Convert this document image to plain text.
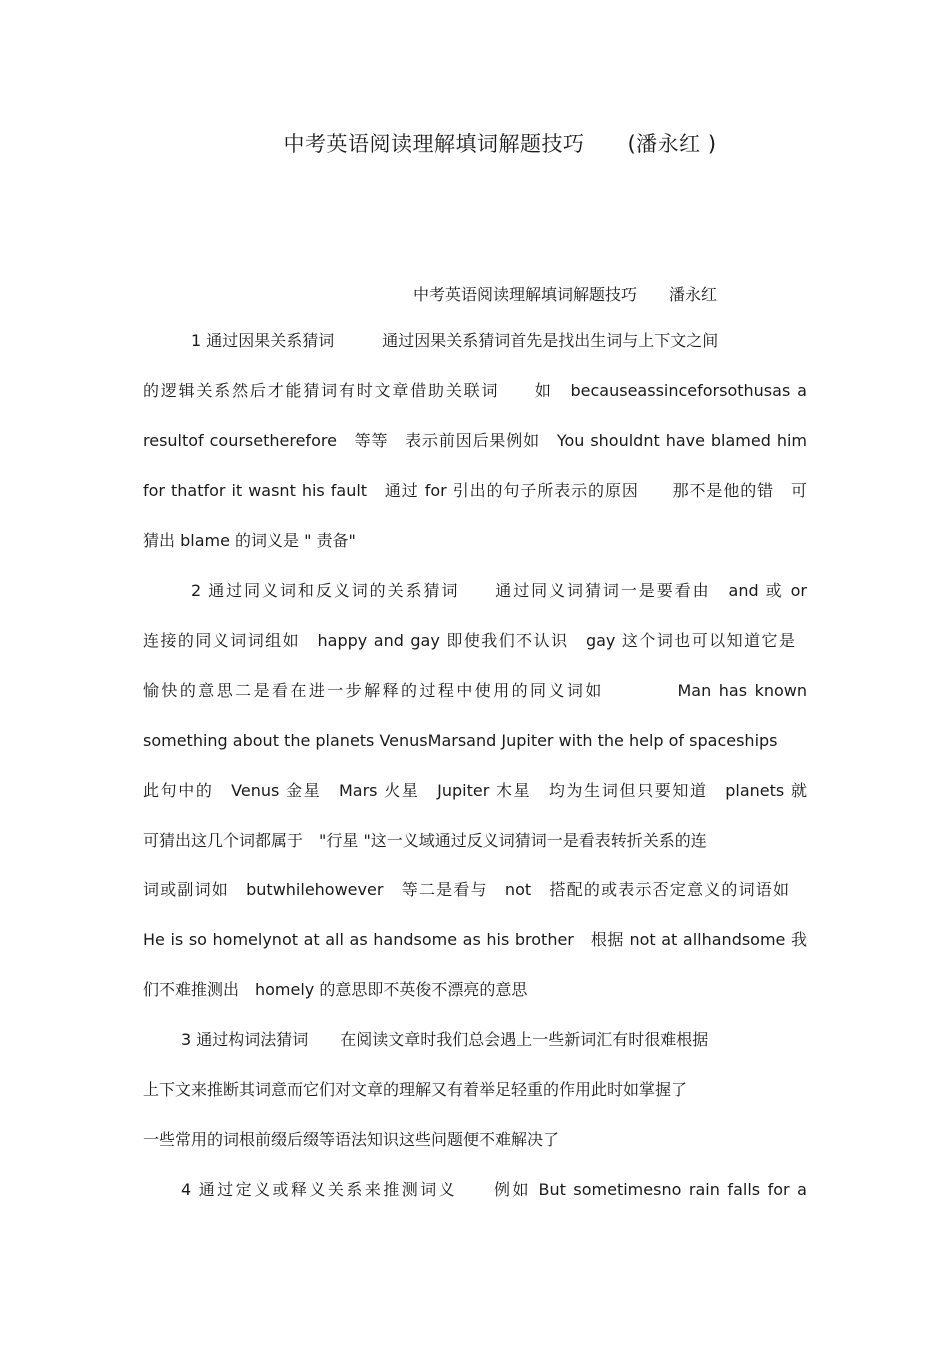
中考英语阅读理解填词解题技巧　　(潘永红 )
中考英语阅读理解填词解题技巧　　潘永红
1 通过因果关系猜词　　　通过因果关系猜词首先是找出生词与上下文之间
的逻辑关系然后才能猜词有时文章借助关联词　　如　becauseassinceforsothusas a
resultof coursetherefore　等等　表示前因后果例如　You shouldnt have blamed him
for thatfor it wasnt his fault　通过 for 引出的句子所表示的原因　　那不是他的错　可
猜出 blame 的词义是 " 责备"
2 通过同义词和反义词的关系猜词　　通过同义词猜词一是要看由　and 或 or
连接的同义词词组如　happy and gay 即使我们不认识　gay 这个词也可以知道它是
愉快的意思二是看在进一步解释的过程中使用的同义词如　　　　Man has known
something about the planets VenusMarsand Jupiter with the help of spaceships
此句中的　Venus 金星　Mars 火星　Jupiter 木星　均为生词但只要知道　planets 就
可猜出这几个词都属于　"行星 "这一义域通过反义词猜词一是看表转折关系的连
词或副词如　butwhilehowever　等二是看与　not　搭配的或表示否定意义的词语如
He is so homelynot at all as handsome as his brother　根据 not at allhandsome 我
们不难推测出　homely 的意思即不英俊不漂亮的意思
3 通过构词法猜词　　在阅读文章时我们总会遇上一些新词汇有时很难根据
上下文来推断其词意而它们对文章的理解又有着举足轻重的作用此时如掌握了
一些常用的词根前缀后缀等语法知识这些问题便不难解决了
4 通过定义或释义关系来推测词义　　例如 But sometimesno rain falls for a
